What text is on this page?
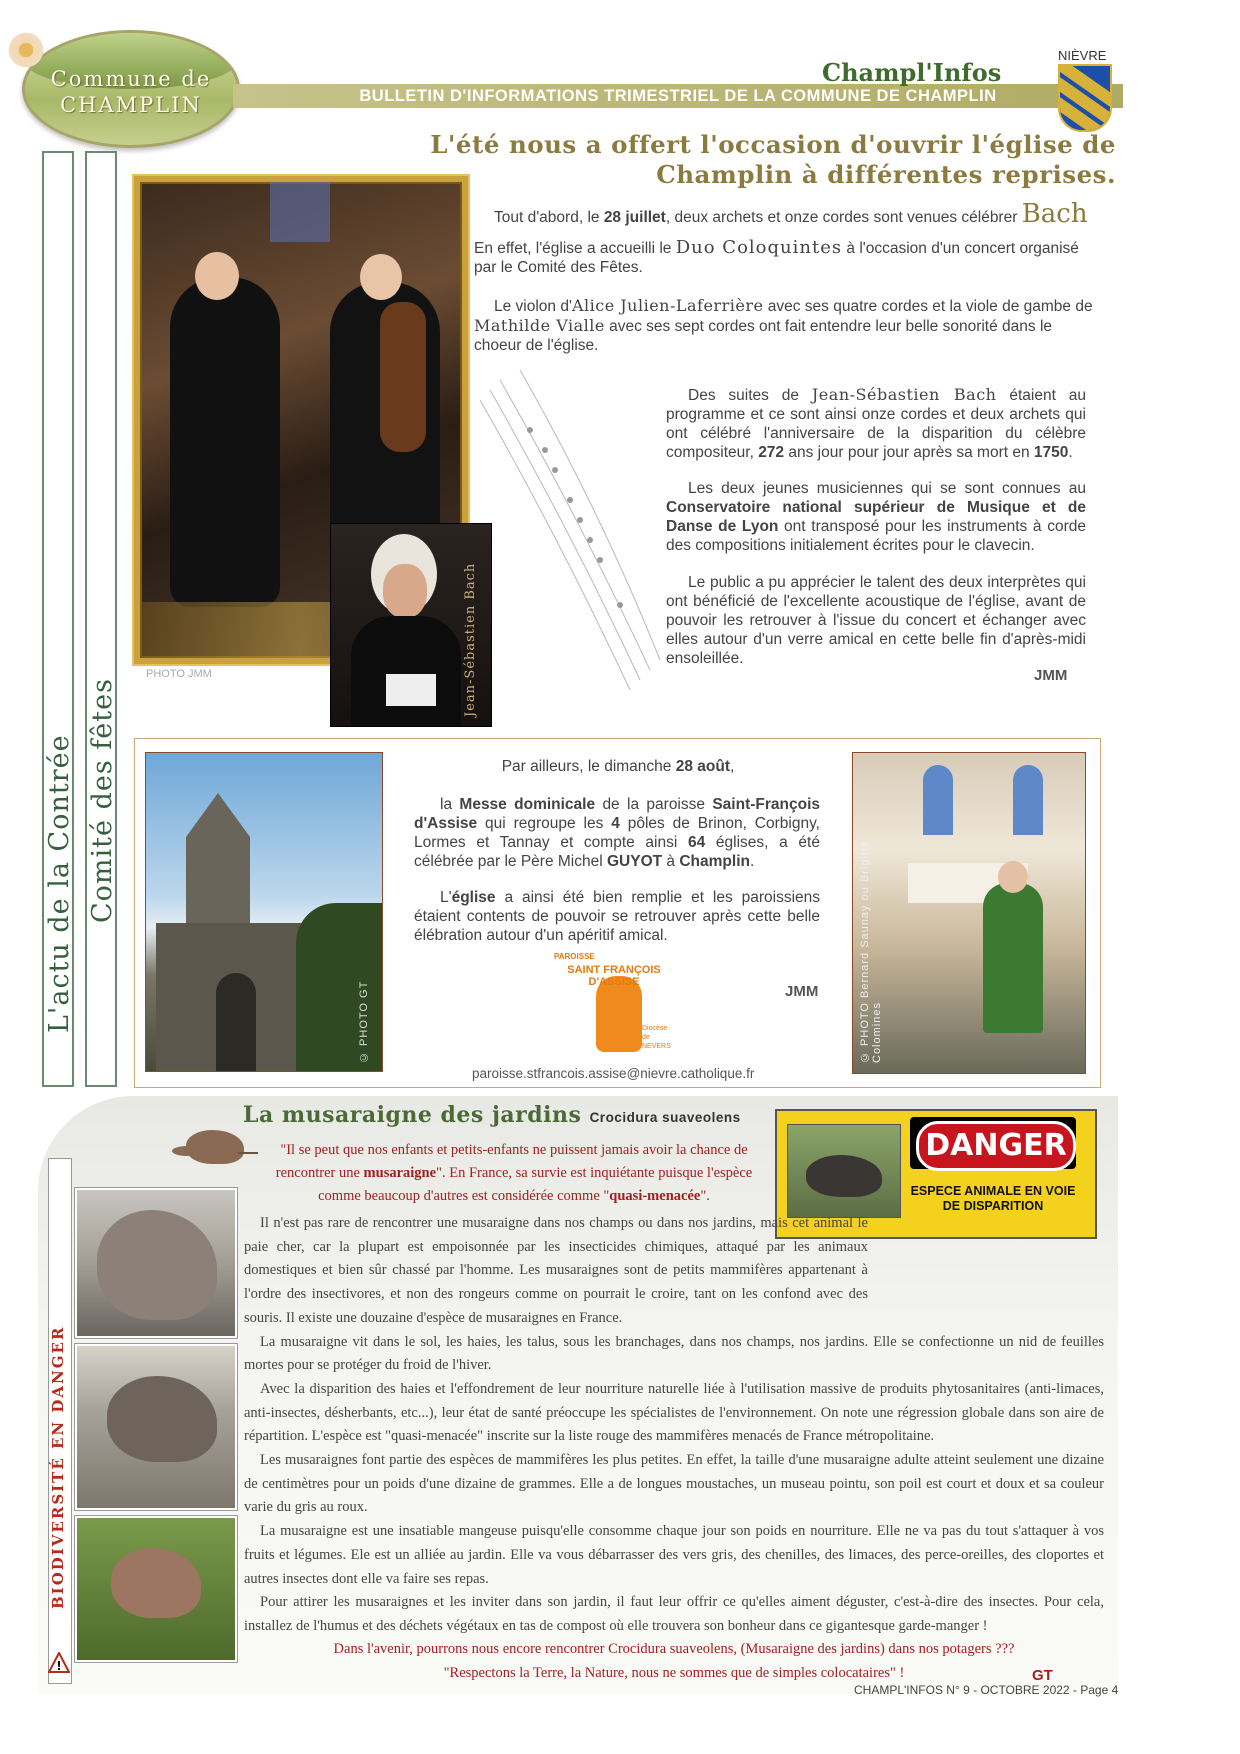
Commune de
CHAMPLIN	BULLETIN D'INFORMATIONS TRIMESTRIEL DE LA COMMUNE DE CHAMPLIN
Champl'Infos
NIÈVRE
L'actu de la Contrée Comité des fêtes
L'été nous a offert l'occasion d'ouvrir l'église de Champlin à différentes reprises.
PHOTO JMM	Jean-Sébastien Bach

Tout d'abord, le 28 juillet, deux archets et onze cordes sont venues célébrer Bach

En effet, l'église a accueilli le Duo Coloquintes à l'occasion d'un concert organisé par le Comité des Fêtes.

Le violon d'Alice Julien-Laferrière avec ses quatre cordes et la viole de gambe de Mathilde Vialle avec ses sept cordes ont fait entendre leur belle sonorité dans le choeur de l'église.

Des suites de Jean-Sébastien Bach étaient au programme et ce sont ainsi onze cordes et deux archets qui ont célébré l'anniversaire de la disparition du célèbre compositeur, 272 ans jour pour jour après sa mort en 1750.

Les deux jeunes musiciennes qui se sont connues au Conservatoire national supérieur de Musique et de Danse de Lyon ont transposé pour les instruments à corde des compositions initialement écrites pour le clavecin.

Le public a pu apprécier le talent des deux interprètes qui ont bénéficié de l'excellente acoustique de l'église, avant de pouvoir les retrouver à l'issue du concert et échanger avec elles autour d'un verre amical en cette belle fin d'après-midi ensoleillée.

JMM
© PHOTO GT	© PHOTO Bernard Saunay ou Brigitte Colomines

Par ailleurs, le dimanche 28 août,

la Messe dominicale de la paroisse Saint-François d'Assise qui regroupe les 4 pôles de Brinon, Corbigny, Lormes et Tannay et compte ainsi 64 églises, a été célébrée par le Père Michel GUYOT à Champlin.

L'église a ainsi été bien remplie et les paroissiens étaient contents de pouvoir se retrouver après cette belle élébration autour d'un apéritif amical.

PAROISSE
SAINT FRANÇOIS D'ASSISE
Diocèse de NEVERS
JMM
paroisse.stfrancois.assise@nievre.catholique.fr
La musaraigne des jardins Crocidura suaveolens
"Il se peut que nos enfants et petits-enfants ne puissent jamais avoir la chance de
rencontrer une musaraigne". En France, sa survie est inquiétante puisque l'espèce
comme beaucoup d'autres est considérée comme "quasi-menacée".
DANGER
ESPECE ANIMALE EN VOIE DE DISPARITION
BIODIVERSITÉ EN DANGER
!

Il n'est pas rare de rencontrer une musaraigne dans nos champs ou dans nos jardins, mais cet animal le paie cher, car la plupart est empoisonnée par les insecticides chimiques, attaqué par les animaux domestiques et bien sûr chassé par l'homme. Les musaraignes sont de petits mammifères appartenant à l'ordre des insectivores, et non des rongeurs comme on pourrait le croire, tant on les confond avec des souris. Il existe une douzaine d'espèce de musaraignes en France.

La musaraigne vit dans le sol, les haies, les talus, sous les branchages, dans nos champs, nos jardins. Elle se confectionne un nid de feuilles mortes pour se protéger du froid de l'hiver.

Avec la disparition des haies et l'effondrement de leur nourriture naturelle liée à l'utilisation massive de produits phytosanitaires (anti-limaces, anti-insectes, désherbants, etc...), leur état de santé préoccupe les spécialistes de l'environnement. On note une régression globale dans son aire de répartition. L'espèce est "quasi-menacée" inscrite sur la liste rouge des mammifères menacés de France métropolitaine.

Les musaraignes font partie des espèces de mammifères les plus petites. En effet, la taille d'une musaraigne adulte atteint seulement une dizaine de centimètres pour un poids d'une dizaine de grammes. Elle a de longues moustaches, un museau pointu, son poil est court et doux et sa couleur varie du gris au roux.

La musaraigne est une insatiable mangeuse puisqu'elle consomme chaque jour son poids en nourriture. Elle ne va pas du tout s'attaquer à vos fruits et légumes. Ele est un alliée au jardin. Elle va vous débarrasser des vers gris, des chenilles, des limaces, des perce-oreilles, des cloportes et autres insectes dont elle va faire ses repas.

Pour attirer les musaraignes et les inviter dans son jardin, il faut leur offrir ce qu'elles aiment déguster, c'est-à-dire des insectes. Pour cela, installez de l'humus et des déchets végétaux en tas de compost où elle trouvera son bonheur dans ce gigantesque garde-manger !

Dans l'avenir, pourrons nous encore rencontrer Crocidura suaveolens, (Musaraigne des jardins) dans nos potagers ???
"Respectons la Terre, la Nature, nous ne sommes que de simples colocataires" !	GT
CHAMPL'INFOS N° 9 - OCTOBRE 2022 - Page 4
